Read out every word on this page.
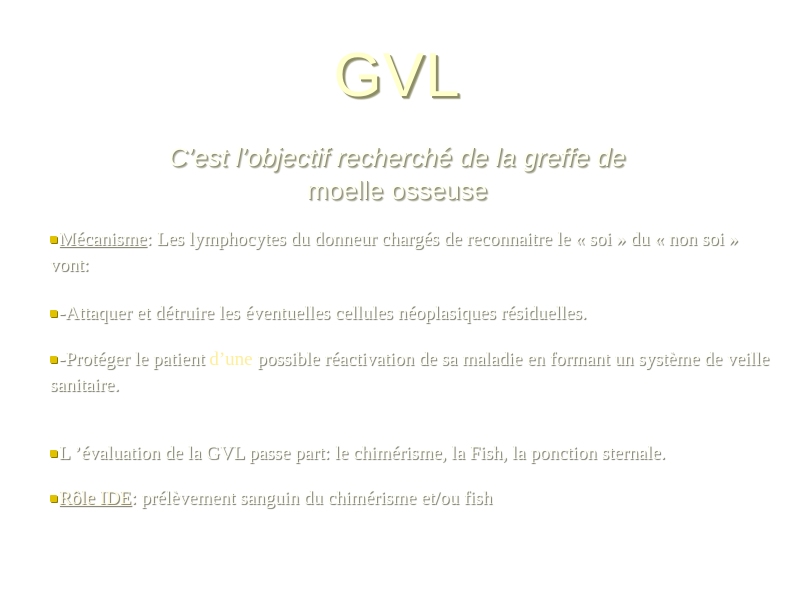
GVL
C’est l’objectif recherché de la greffe de
moelle osseuse
Mécanisme: Les lymphocytes du donneur chargés de reconnaitre le « soi » du « non soi » vont:
-Attaquer et détruire les éventuelles cellules néoplasiques résiduelles.
-Protéger le patient d’une possible réactivation de sa maladie en formant un système de veille sanitaire.
L ’évaluation de la GVL passe part: le chimérisme, la Fish, la ponction sternale.
Rôle IDE: prélèvement sanguin du chimérisme et/ou fish
